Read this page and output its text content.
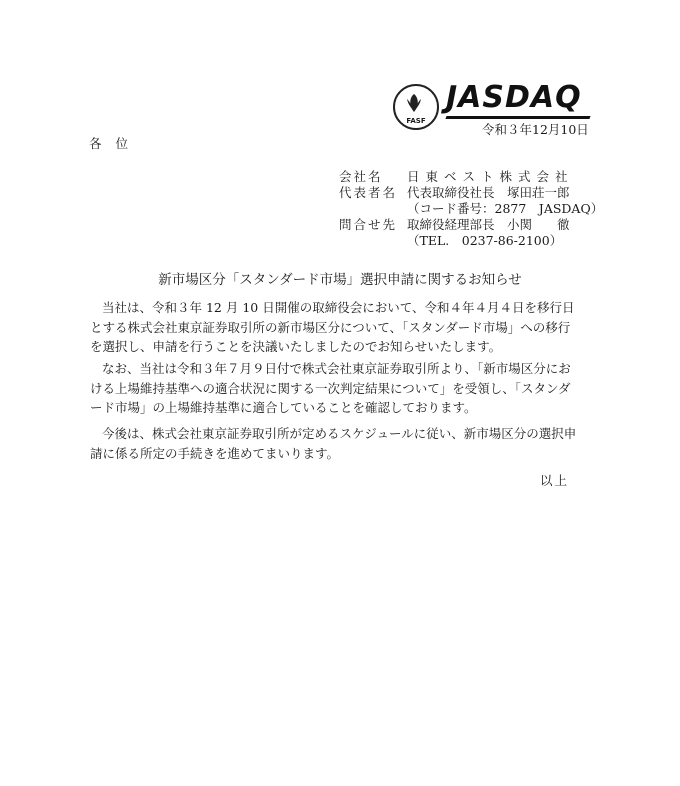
FASF
JASDAQ
令和３年12月10日
各位
会社名 日東ベスト株式会社
代表者名 代表取締役社長　塚田荘一郎
（コード番号：2877　JASDAQ）
問合せ先 取締役経理部長　小関　　徹
（TEL.　0237-86-2100）
新市場区分「スタンダード市場」選択申請に関するお知らせ
当社は、令和３年 12 月 10 日開催の取締役会において、令和４年４月４日を移行日とする株式会社東京証券取引所の新市場区分について、「スタンダード市場」への移行を選択し、申請を行うことを決議いたしましたのでお知らせいたします。
なお、当社は令和３年７月９日付で株式会社東京証券取引所より、「新市場区分における上場維持基準への適合状況に関する一次判定結果について」を受領し、「スタンダード市場」の上場維持基準に適合していることを確認しております。
今後は、株式会社東京証券取引所が定めるスケジュールに従い、新市場区分の選択申請に係る所定の手続きを進めてまいります。
以上
